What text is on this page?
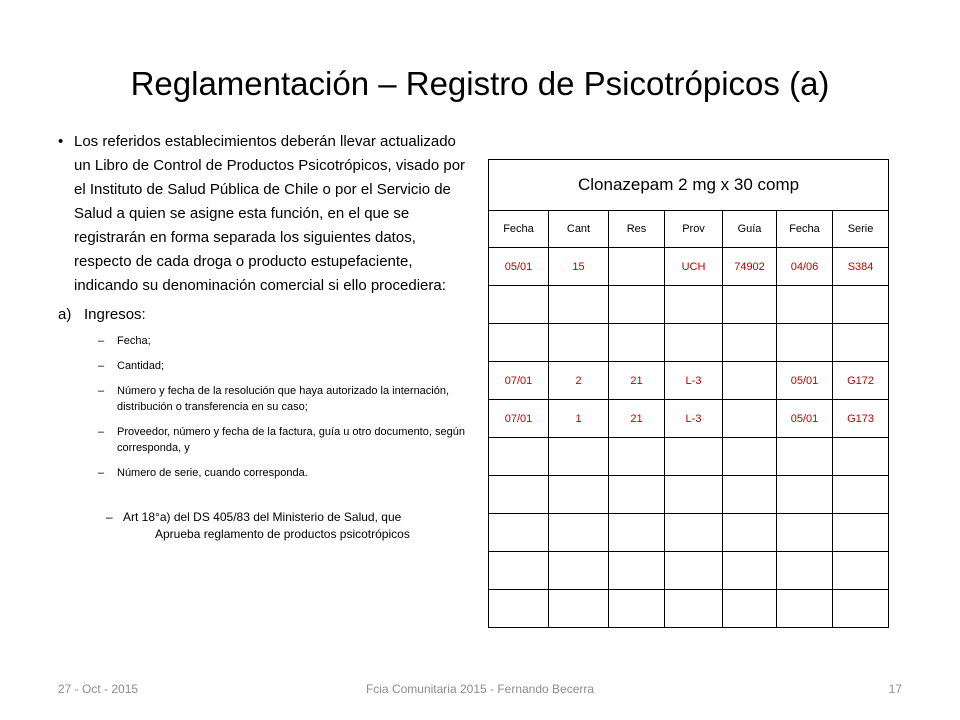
Reglamentación – Registro de Psicotrópicos (a)
• Los referidos establecimientos deberán llevar actualizado un Libro de Control de Productos Psicotrópicos, visado por el Instituto de Salud Pública de Chile o por el Servicio de Salud a quien se asigne esta función, en el que se registrarán en forma separada los siguientes datos, respecto de cada droga o producto estupefaciente, indicando su denominación comercial si ello procediera:
a) Ingresos:
– Fecha;
– Cantidad;
– Número y fecha de la resolución que haya autorizado la internación, distribución o transferencia en su caso;
– Proveedor, número y fecha de la factura, guía u otro documento, según corresponda, y
– Número de serie, cuando corresponda.
– Art 18°a) del DS 405/83 del Ministerio de Salud, que
Aprueba reglamento de productos psicotrópicos
Clonazepam 2 mg x 30 comp						
Fecha	Cant	Res	Prov	Guía	Fecha	Serie
05/01	15		UCH	74902	04/06	S384

07/01	2	21	L-3		05/01	G172
07/01	1	21	L-3		05/01	G173

27 - Oct - 2015	Fcia Comunitaria 2015 - Fernando Becerra	17
